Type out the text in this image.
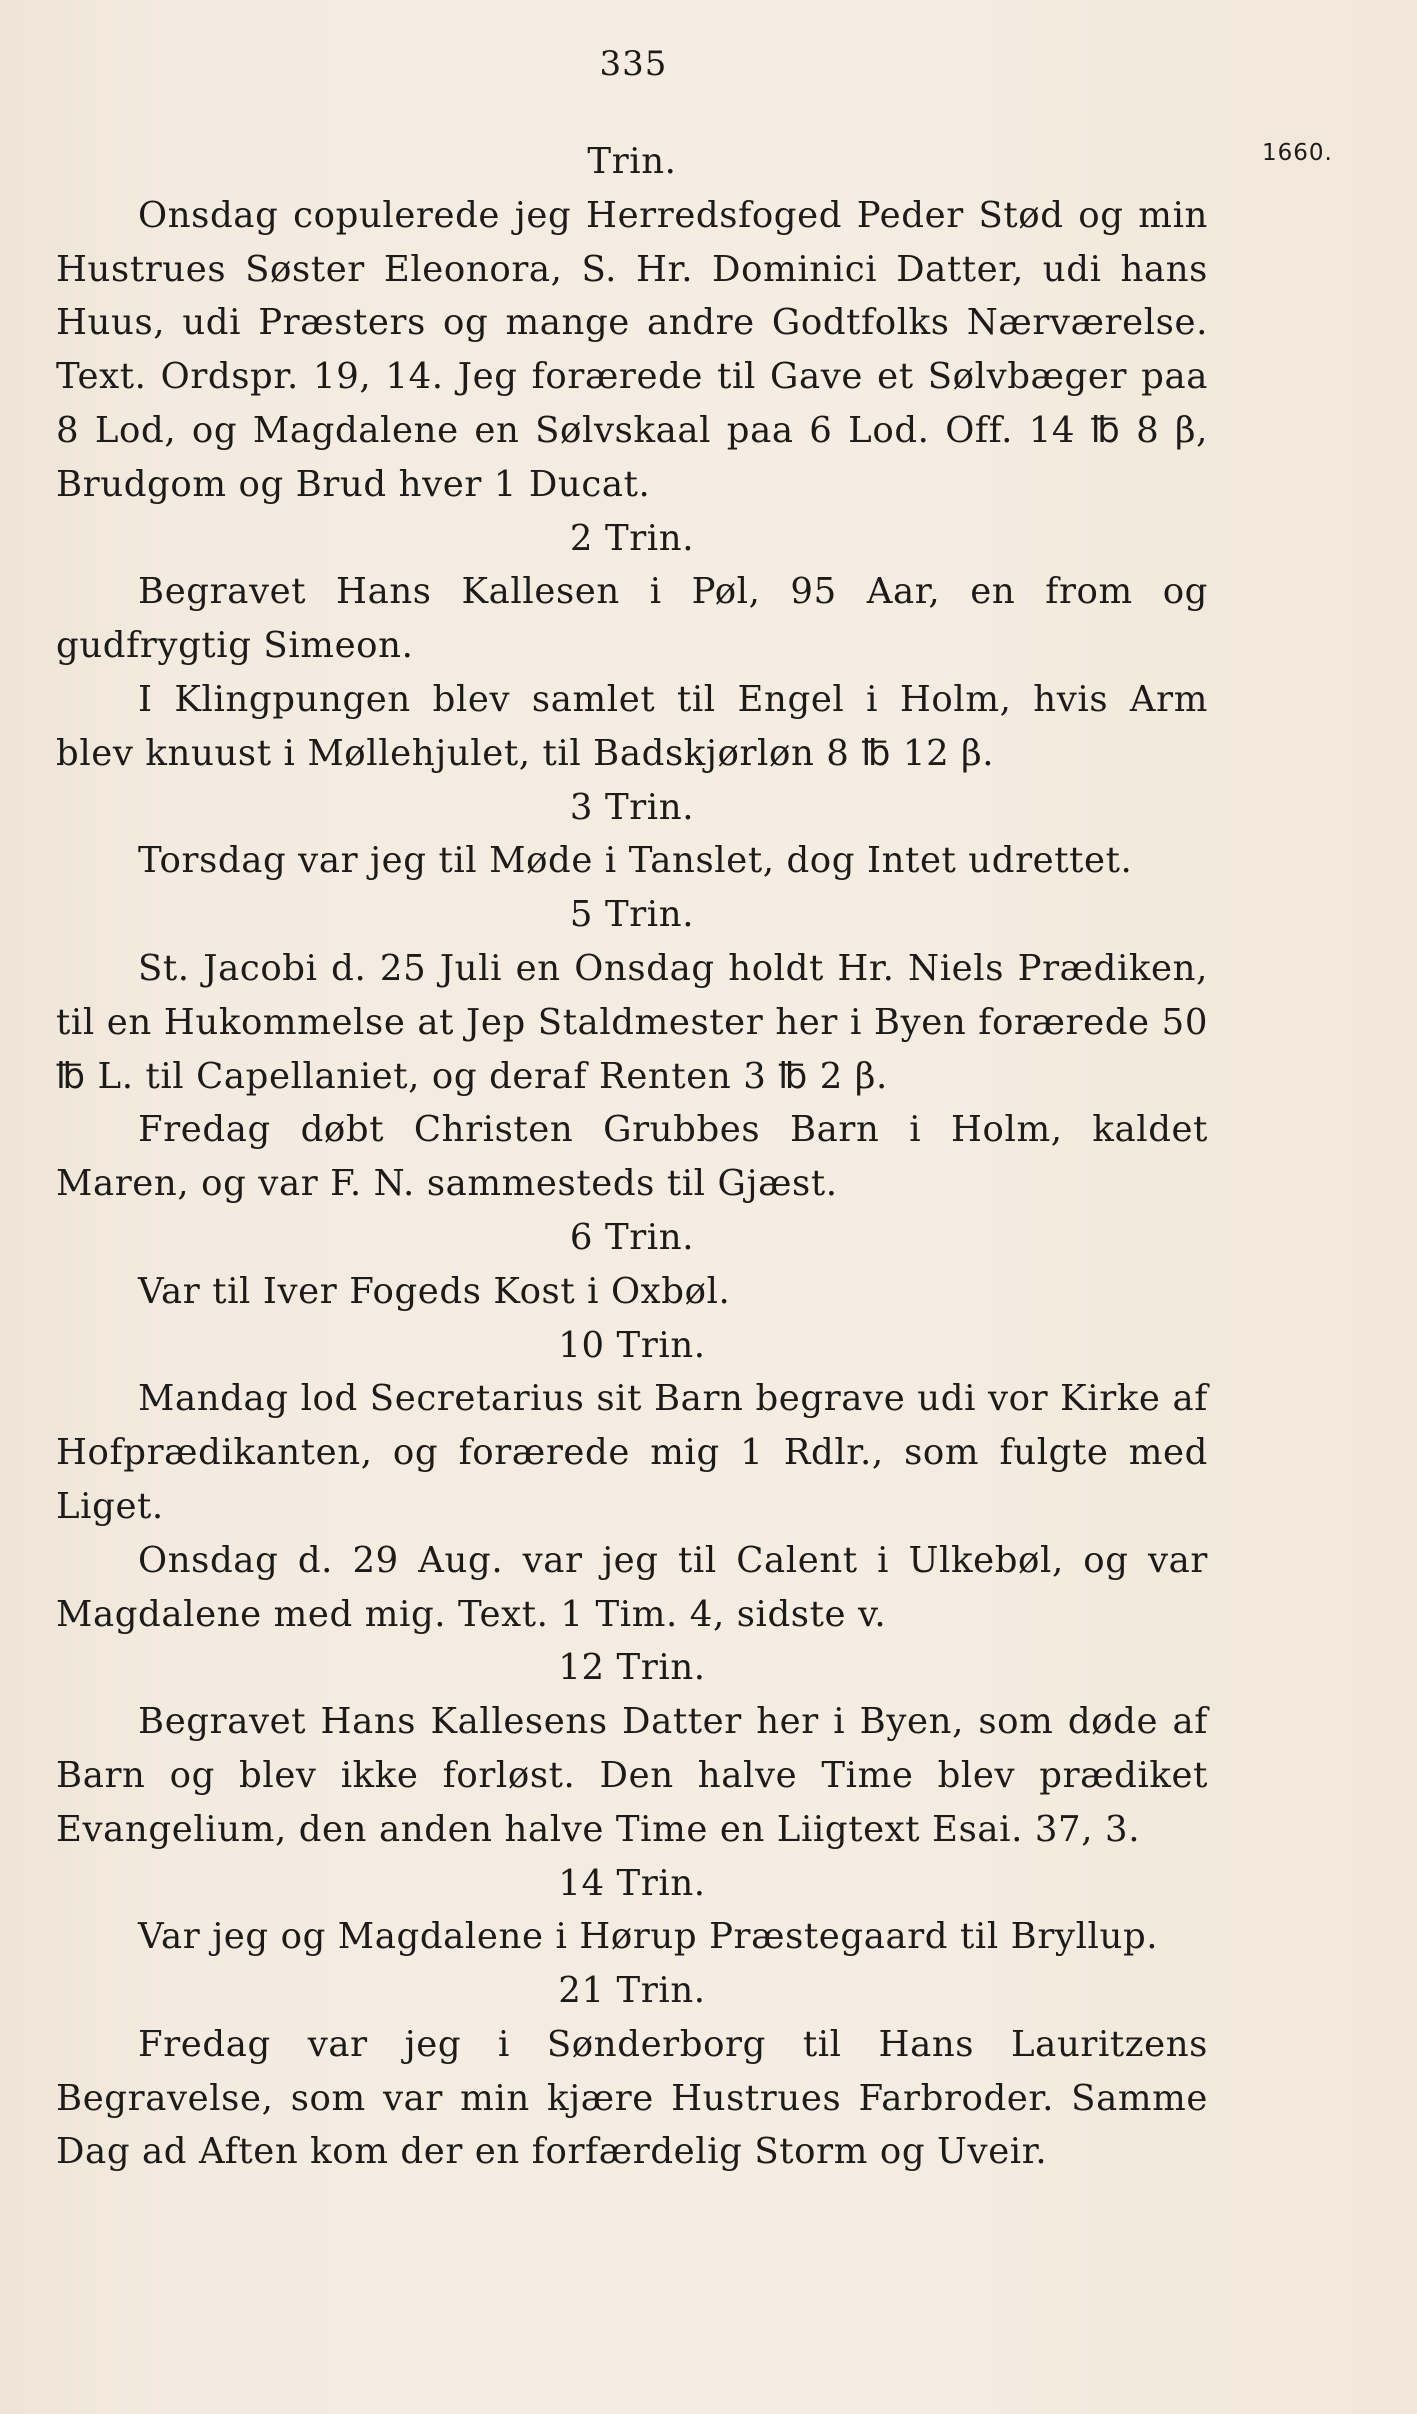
335
1660.

Trin.

Onsdag copulerede jeg Herredsfoged Peder Stød og min Hustrues Søster Eleonora, S. Hr. Dominici Datter, udi hans Huus, udi Præsters og mange andre Godtfolks Nærværelse. Text. Ordspr. 19, 14. Jeg forærede til Gave et Sølvbæger paa 8 Lod, og Magdalene en Sølvskaal paa 6 Lod. Off. 14 ℔ 8 β, Brudgom og Brud hver 1 Ducat.

2 Trin.

Begravet Hans Kallesen i Pøl, 95 Aar, en from og gudfrygtig Simeon.

I Klingpungen blev samlet til Engel i Holm, hvis Arm blev knuust i Møllehjulet, til Badskjørløn 8 ℔ 12 β.

3 Trin.

Torsdag var jeg til Møde i Tanslet, dog Intet udrettet.

5 Trin.

St. Jacobi d. 25 Juli en Onsdag holdt Hr. Niels Prædiken, til en Hukommelse at Jep Staldmester her i Byen forærede 50 ℔ L. til Capellaniet, og deraf Renten 3 ℔ 2 β.

Fredag døbt Christen Grubbes Barn i Holm, kaldet Maren, og var F. N. sammesteds til Gjæst.

6 Trin.

Var til Iver Fogeds Kost i Oxbøl.

10 Trin.

Mandag lod Secretarius sit Barn begrave udi vor Kirke af Hofprædikanten, og forærede mig 1 Rdlr., som fulgte med Liget.

Onsdag d. 29 Aug. var jeg til Calent i Ulkebøl, og var Magdalene med mig. Text. 1 Tim. 4, sidste v.

12 Trin.

Begravet Hans Kallesens Datter her i Byen, som døde af Barn og blev ikke forløst. Den halve Time blev prædiket Evangelium, den anden halve Time en Liigtext Esai. 37, 3.

14 Trin.

Var jeg og Magdalene i Hørup Præstegaard til Bryllup.

21 Trin.

Fredag var jeg i Sønderborg til Hans Lauritzens Begravelse, som var min kjære Hustrues Farbroder. Samme Dag ad Aften kom der en forfærdelig Storm og Uveir.
